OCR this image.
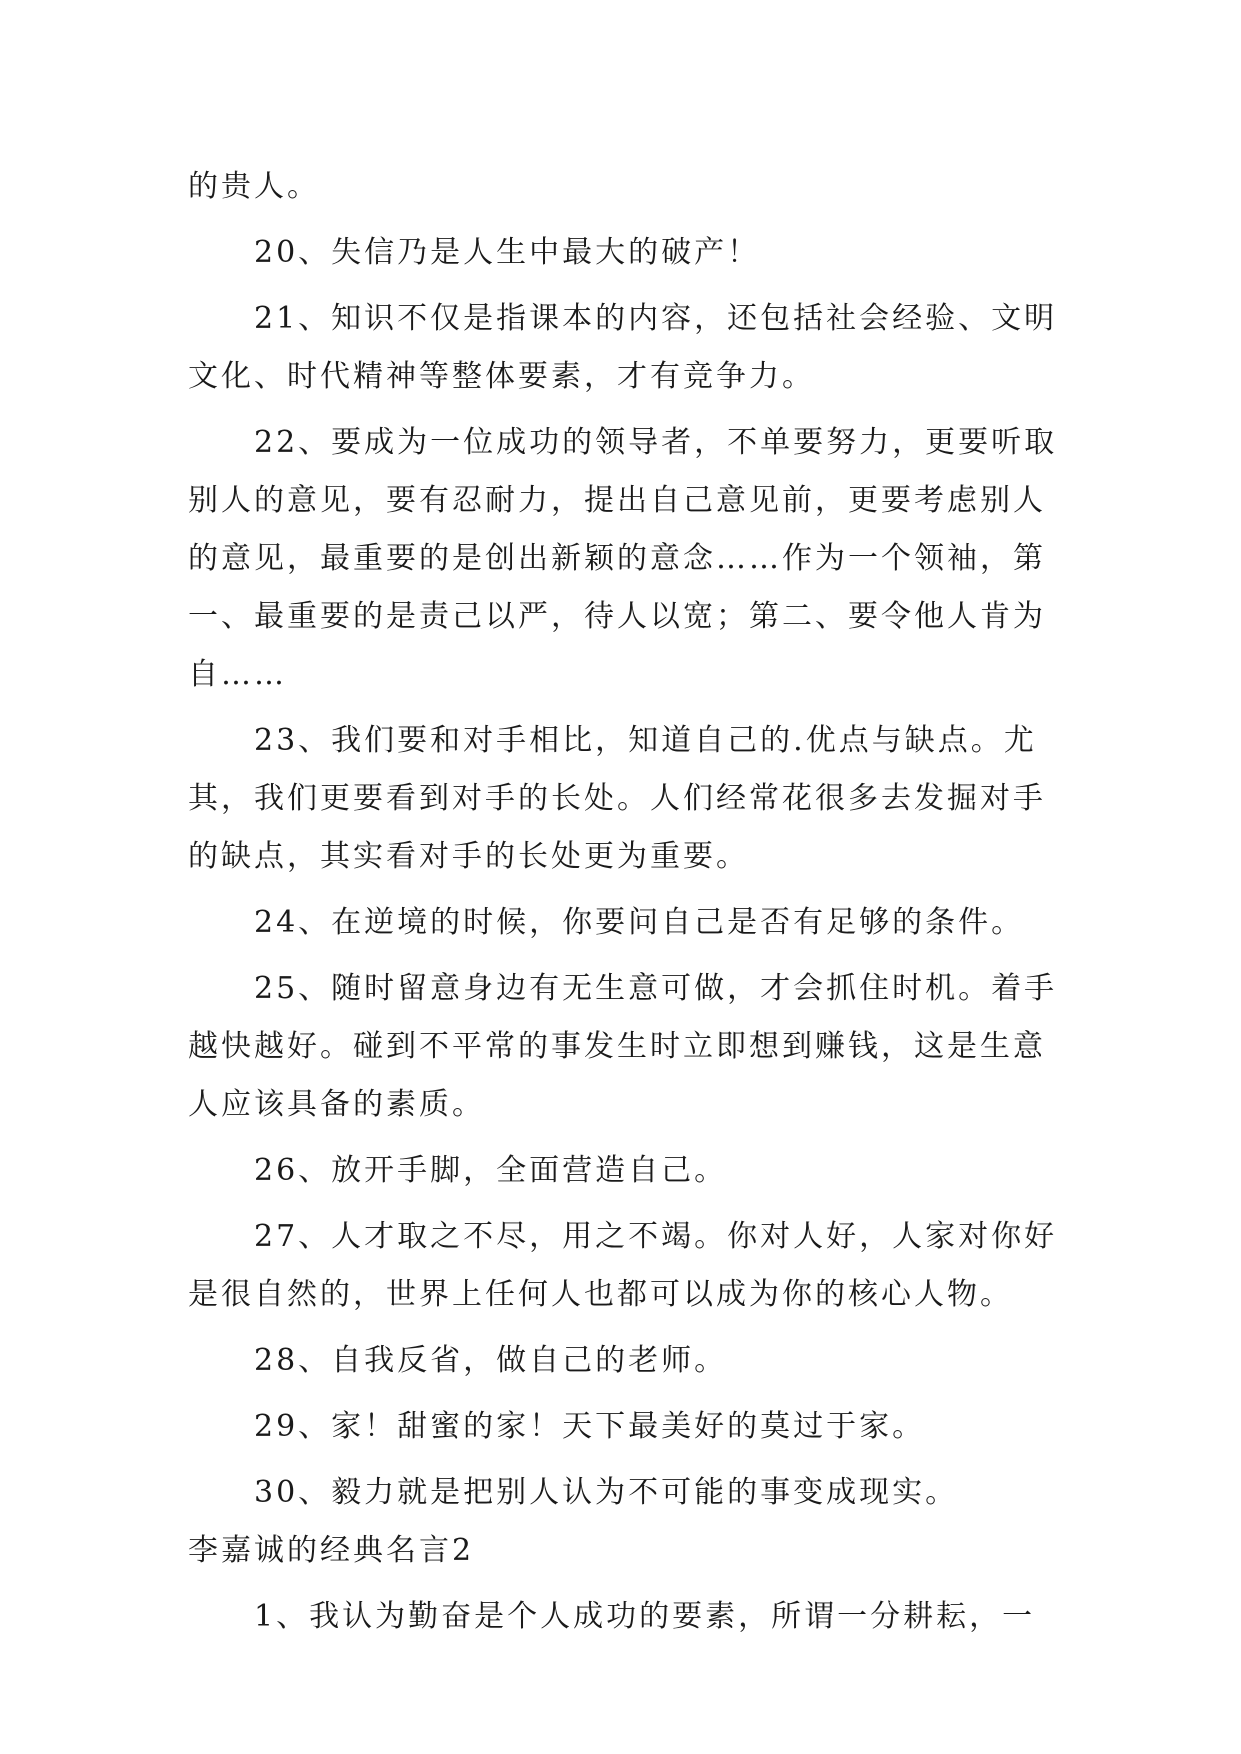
的贵人。

20、失信乃是人生中最大的破产！

21、知识不仅是指课本的内容，还包括社会经验、文明文化、时代精神等整体要素，才有竞争力。

22、要成为一位成功的领导者，不单要努力，更要听取别人的意见，要有忍耐力，提出自己意见前，更要考虑别人的意见，最重要的是创出新颖的意念……作为一个领袖，第一、最重要的是责己以严，待人以宽；第二、要令他人肯为自……

23、我们要和对手相比，知道自己的.优点与缺点。尤其，我们更要看到对手的长处。人们经常花很多去发掘对手的缺点，其实看对手的长处更为重要。

24、在逆境的时候，你要问自己是否有足够的条件。

25、随时留意身边有无生意可做，才会抓住时机。着手越快越好。碰到不平常的事发生时立即想到赚钱，这是生意人应该具备的素质。

26、放开手脚，全面营造自己。

27、人才取之不尽，用之不竭。你对人好，人家对你好是很自然的，世界上任何人也都可以成为你的核心人物。

28、自我反省，做自己的老师。

29、家！甜蜜的家！天下最美好的莫过于家。

30、毅力就是把别人认为不可能的事变成现实。

李嘉诚的经典名言2

1、我认为勤奋是个人成功的要素，所谓一分耕耘，一
